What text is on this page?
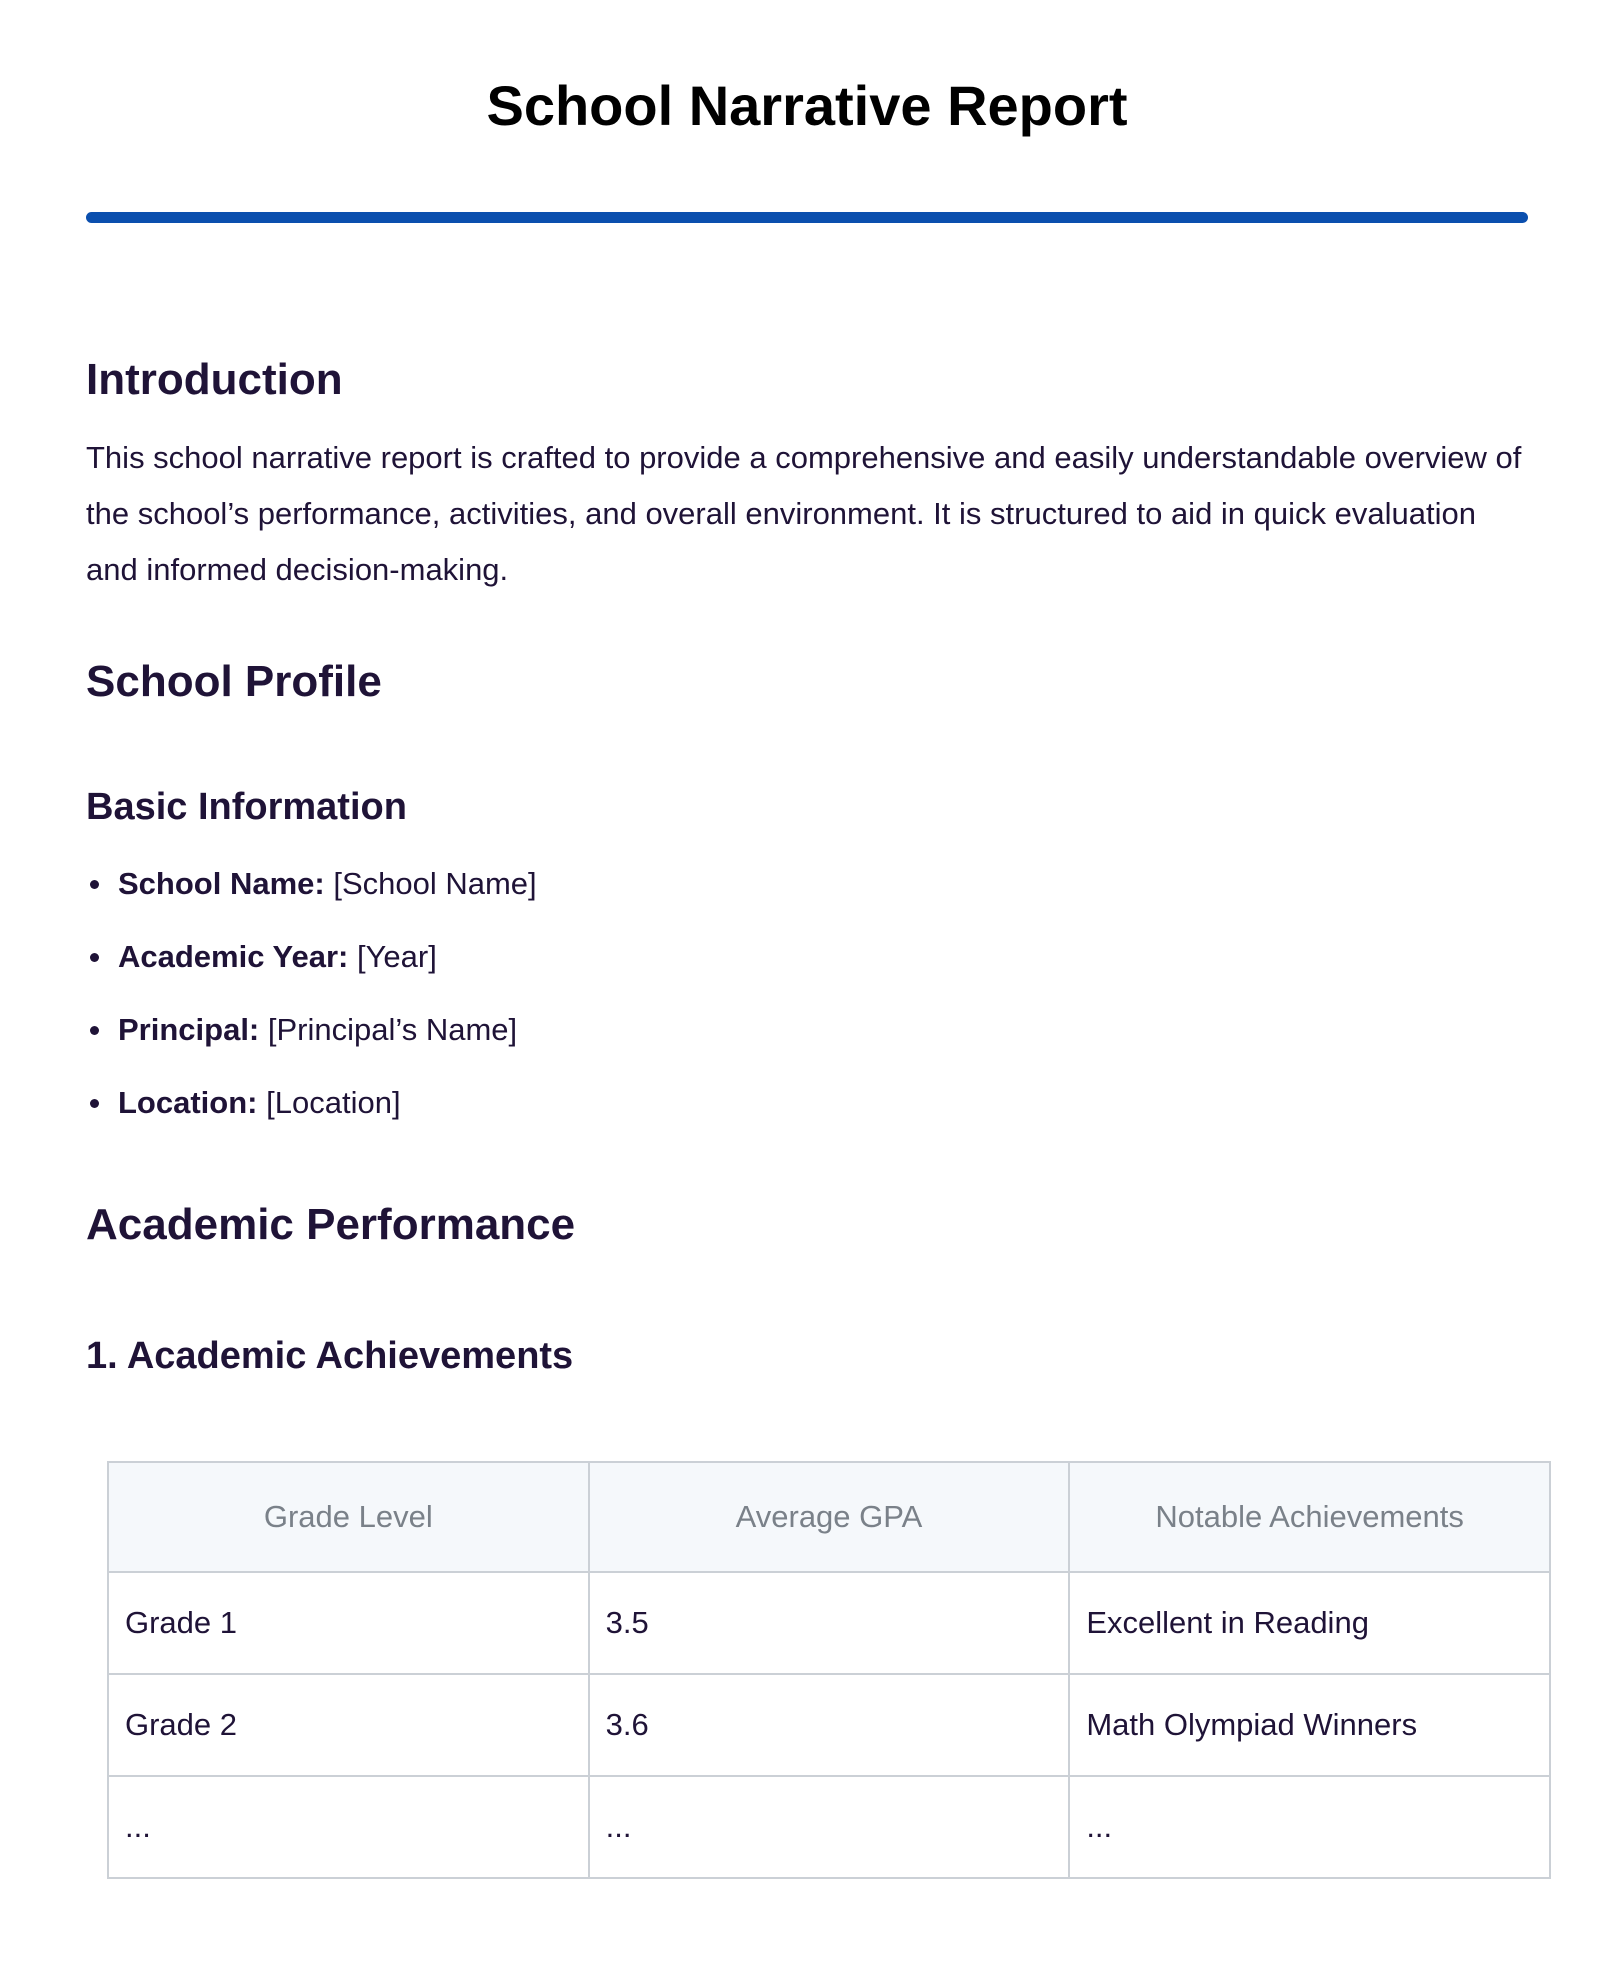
School Narrative Report
Introduction

This school narrative report is crafted to provide a comprehensive and easily understandable overview of the school’s performance, activities, and overall environment. It is structured to aid in quick evaluation and informed decision-making.

School Profile
Basic Information
School Name: [School Name]
Academic Year: [Year]
Principal: [Principal’s Name]
Location: [Location]
Academic Performance
1. Academic Achievements
Grade Level	Average GPA	Notable Achievements
Grade 1	3.5	Excellent in Reading
Grade 2	3.6	Math Olympiad Winners
...	...	...
